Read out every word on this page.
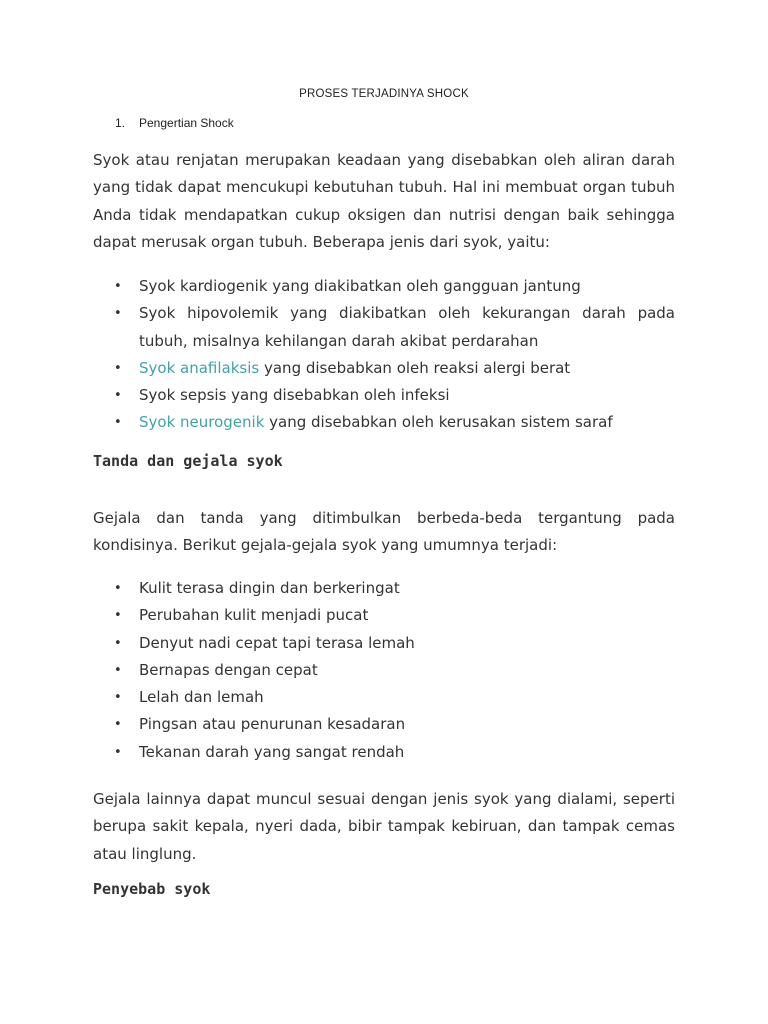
PROSES TERJADINYA SHOCK
1. Pengertian Shock

Syok atau renjatan merupakan keadaan yang disebabkan oleh aliran darah yang tidak dapat mencukupi kebutuhan tubuh. Hal ini membuat organ tubuh Anda tidak mendapatkan cukup oksigen dan nutrisi dengan baik sehingga dapat merusak organ tubuh. Beberapa jenis dari syok, yaitu:

• Syok kardiogenik yang diakibatkan oleh gangguan jantung
• Syok hipovolemik yang diakibatkan oleh kekurangan darah pada tubuh, misalnya kehilangan darah akibat perdarahan
• Syok anafilaksis yang disebabkan oleh reaksi alergi berat
• Syok sepsis yang disebabkan oleh infeksi
• Syok neurogenik yang disebabkan oleh kerusakan sistem saraf
Tanda dan gejala syok

Gejala dan tanda yang ditimbulkan berbeda-beda tergantung pada kondisinya. Berikut gejala-gejala syok yang umumnya terjadi:

• Kulit terasa dingin dan berkeringat
• Perubahan kulit menjadi pucat
• Denyut nadi cepat tapi terasa lemah
• Bernapas dengan cepat
• Lelah dan lemah
• Pingsan atau penurunan kesadaran
• Tekanan darah yang sangat rendah

Gejala lainnya dapat muncul sesuai dengan jenis syok yang dialami, seperti berupa sakit kepala, nyeri dada, bibir tampak kebiruan, dan tampak cemas atau linglung.

Penyebab syok
